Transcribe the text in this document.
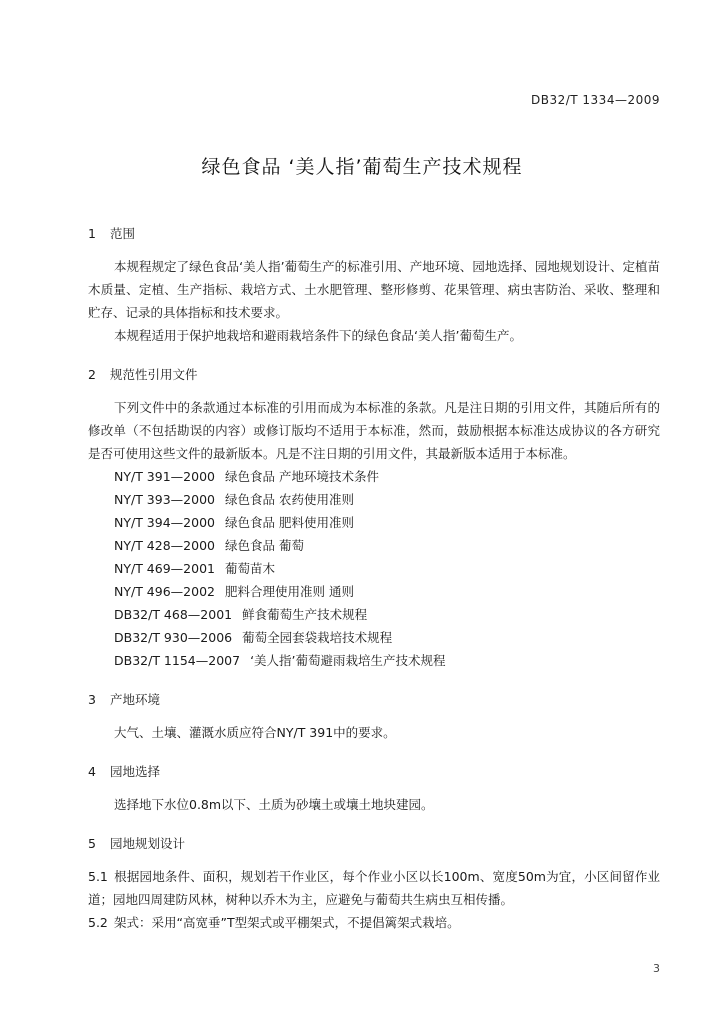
DB32/T 1334—2009
绿色食品 ‘美人指’葡萄生产技术规程
1 范围

本规程规定了绿色食品‘美人指’葡萄生产的标准引用、产地环境、园地选择、园地规划设计、定植苗木质量、定植、生产指标、栽培方式、土水肥管理、整形修剪、花果管理、病虫害防治、采收、整理和贮存、记录的具体指标和技术要求。

本规程适用于保护地栽培和避雨栽培条件下的绿色食品‘美人指’葡萄生产。

2 规范性引用文件

下列文件中的条款通过本标准的引用而成为本标准的条款。凡是注日期的引用文件，其随后所有的修改单（不包括勘误的内容）或修订版均不适用于本标准，然而，鼓励根据本标准达成协议的各方研究是否可使用这些文件的最新版本。凡是不注日期的引用文件，其最新版本适用于本标准。

NY/T 391—2000 绿色食品 产地环境技术条件
NY/T 393—2000 绿色食品 农药使用准则
NY/T 394—2000 绿色食品 肥料使用准则
NY/T 428—2000 绿色食品 葡萄
NY/T 469—2001 葡萄苗木
NY/T 496—2002 肥料合理使用准则 通则
DB32/T 468—2001 鲜食葡萄生产技术规程
DB32/T 930—2006 葡萄全园套袋栽培技术规程
DB32/T 1154—2007 ‘美人指’葡萄避雨栽培生产技术规程
3 产地环境

大气、土壤、灌溉水质应符合NY/T 391中的要求。

4 园地选择

选择地下水位0.8m以下、土质为砂壤土或壤土地块建园。

5 园地规划设计
5.1 根据园地条件、面积，规划若干作业区，每个作业小区以长100m、宽度50m为宜，小区间留作业道；园地四周建防风林，树种以乔木为主，应避免与葡萄共生病虫互相传播。
5.2 架式：采用“高宽垂”T型架式或平棚架式，不提倡篱架式栽培。
3
